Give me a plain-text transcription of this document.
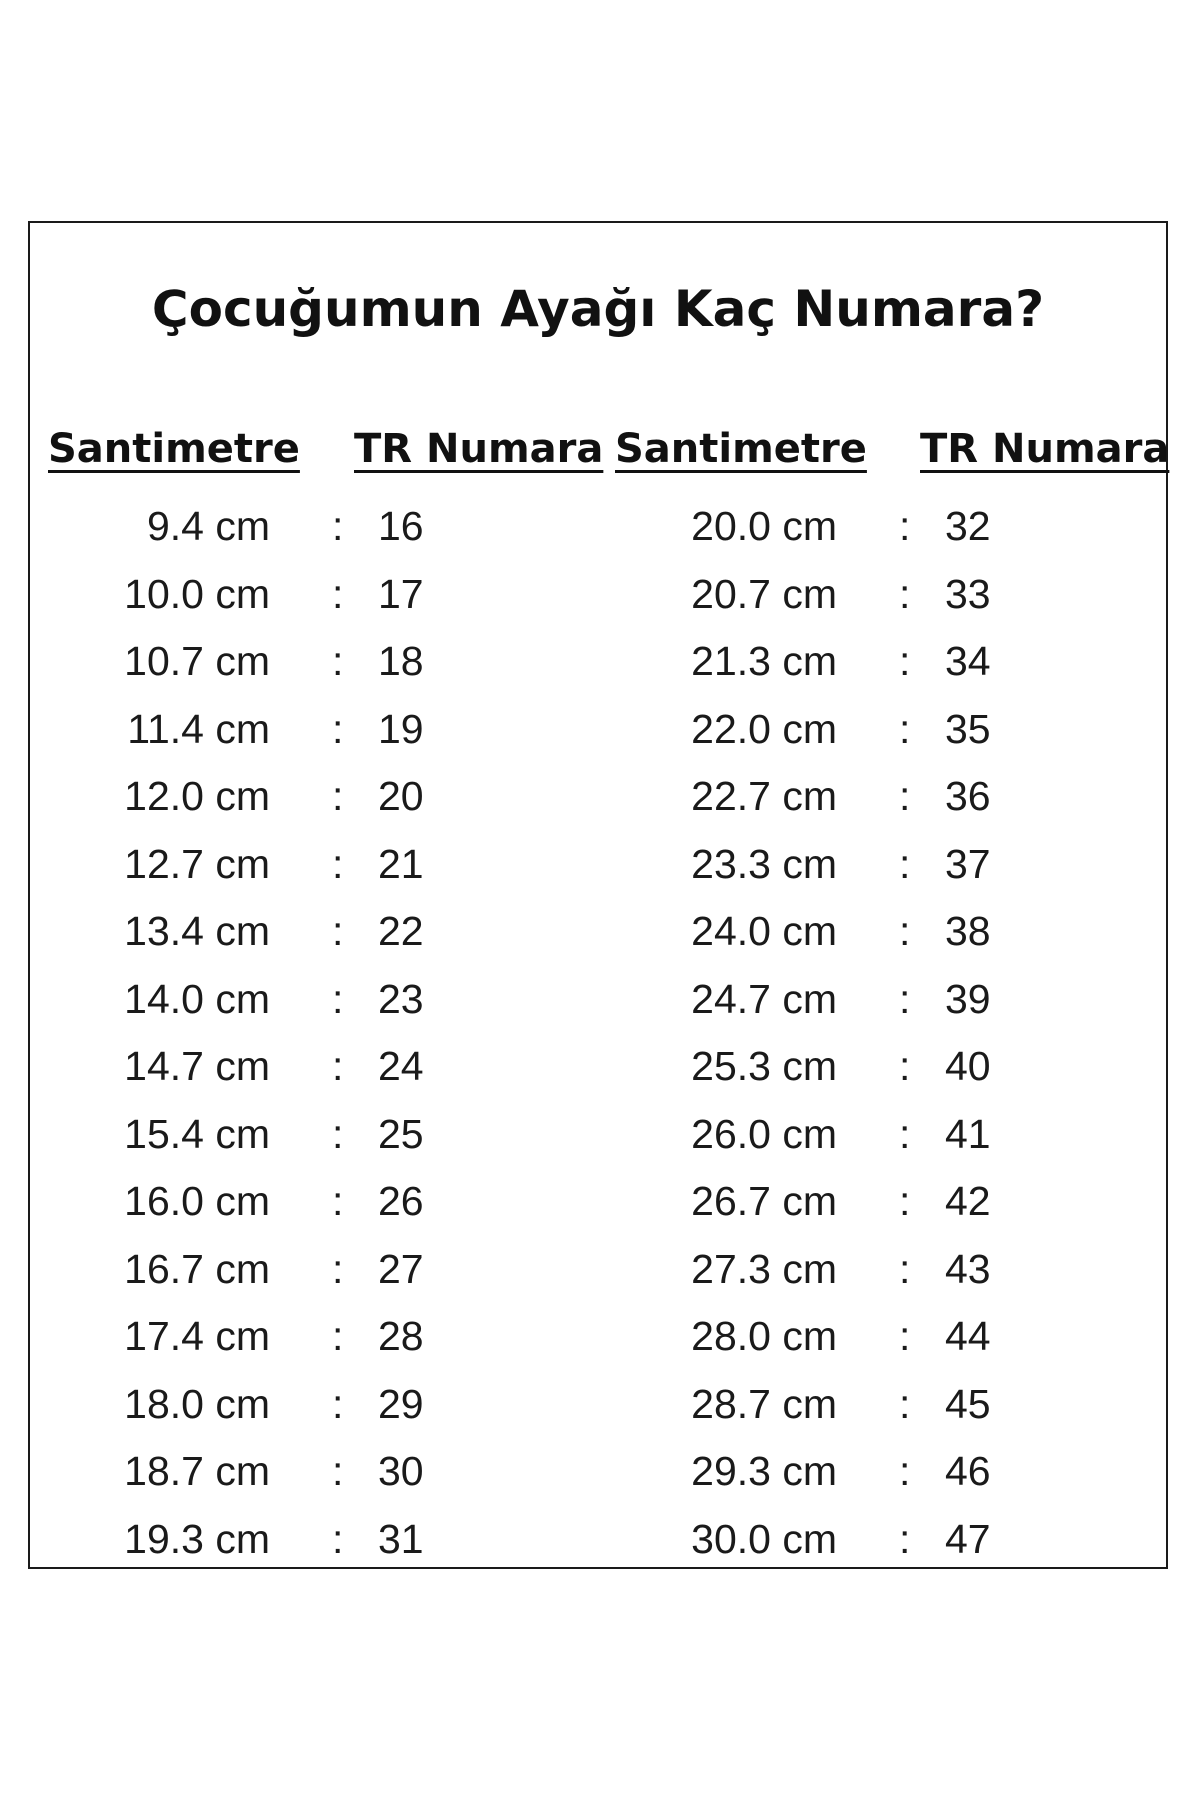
Çocuğumun Ayağı Kaç Numara?
Santimetre TR Numara Santimetre TR Numara
9.4 cm : 16
10.0 cm : 17
10.7 cm : 18
11.4 cm : 19
12.0 cm : 20
12.7 cm : 21
13.4 cm : 22
14.0 cm : 23
14.7 cm : 24
15.4 cm : 25
16.0 cm : 26
16.7 cm : 27
17.4 cm : 28
18.0 cm : 29
18.7 cm : 30
19.3 cm : 31
20.0 cm : 32
20.7 cm : 33
21.3 cm : 34
22.0 cm : 35
22.7 cm : 36
23.3 cm : 37
24.0 cm : 38
24.7 cm : 39
25.3 cm : 40
26.0 cm : 41
26.7 cm : 42
27.3 cm : 43
28.0 cm : 44
28.7 cm : 45
29.3 cm : 46
30.0 cm : 47
